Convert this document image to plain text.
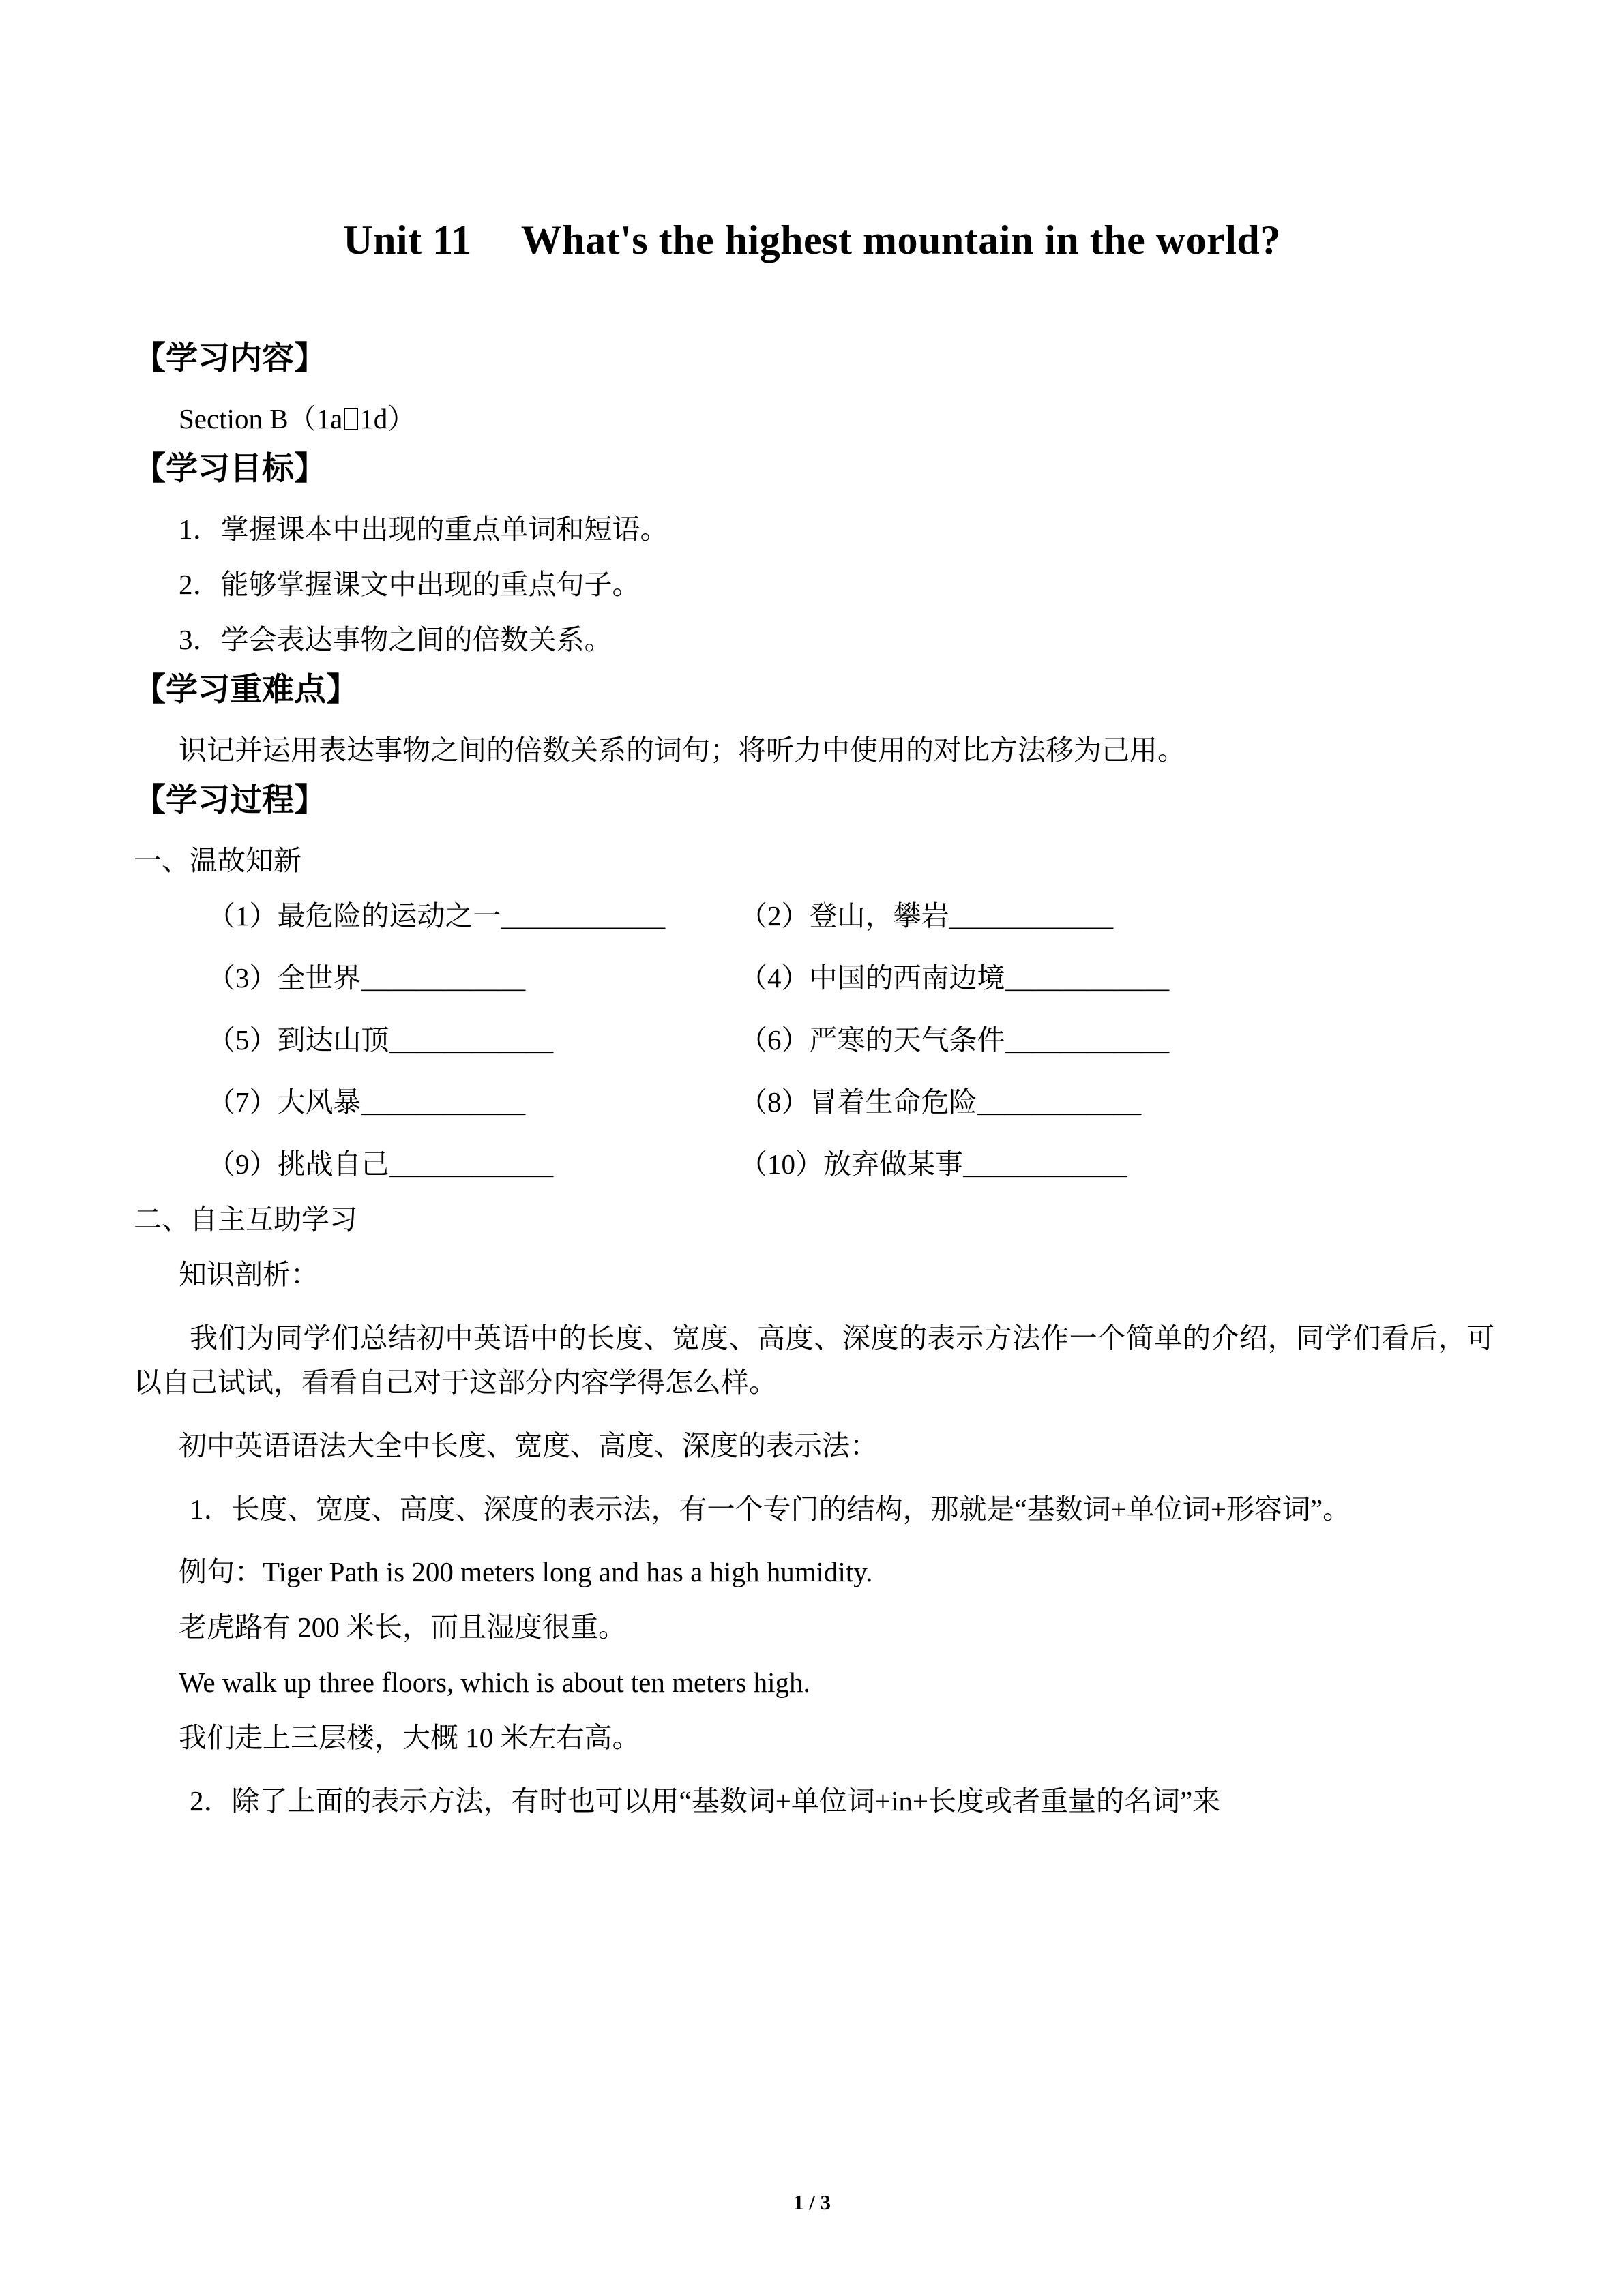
Unit 11 What's the highest mountain in the world?
【学习内容】
Section B（1a 1d）
【学习目标】
1．掌握课本中出现的重点单词和短语。
2．能够掌握课文中出现的重点句子。
3．学会表达事物之间的倍数关系。
【学习重难点】
识记并运用表达事物之间的倍数关系的词句；将听力中使用的对比方法移为己用。
【学习过程】
一、温故知新
（1）最危险的运动之一＿＿＿＿＿＿	（2）登山，攀岩＿＿＿＿＿＿
（3）全世界＿＿＿＿＿＿	（4）中国的西南边境＿＿＿＿＿＿
（5）到达山顶＿＿＿＿＿＿	（6）严寒的天气条件＿＿＿＿＿＿
（7）大风暴＿＿＿＿＿＿	（8）冒着生命危险＿＿＿＿＿＿
（9）挑战自己＿＿＿＿＿＿	（10）放弃做某事＿＿＿＿＿＿
二、自主互助学习
知识剖析：
我们为同学们总结初中英语中的长度、宽度、高度、深度的表示方法作一个简单的介绍，同学们看后，可以自己试试，看看自己对于这部分内容学得怎么样。
初中英语语法大全中长度、宽度、高度、深度的表示法：
1．长度、宽度、高度、深度的表示法，有一个专门的结构，那就是“基数词+单位词+形容词”。
例句：Tiger Path is 200 meters long and has a high humidity.
老虎路有 200 米长，而且湿度很重。
We walk up three floors, which is about ten meters high.
我们走上三层楼，大概 10 米左右高。
2．除了上面的表示方法，有时也可以用“基数词+单位词+in+长度或者重量的名词”来
1 / 3
